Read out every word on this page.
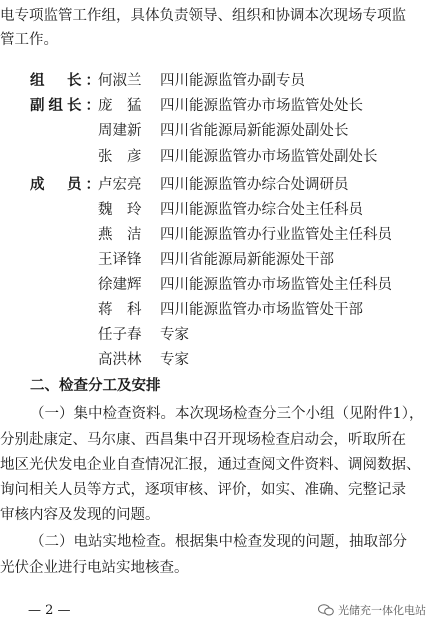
电专项监管工作组，具体负责领导、组织和协调本次现场专项监
管工作。
组　长：
何淑兰 四川能源监管办副专员
副组长：
庞　猛 四川能源监管办市场监管处处长
周建新 四川省能源局新能源处副处长
张　彦 四川能源监管办市场监管处副处长
成　员：
卢宏亮 四川能源监管办综合处调研员
魏　玲 四川能源监管办综合处主任科员
燕　洁 四川能源监管办行业监管处主任科员
王译锋 四川省能源局新能源处干部
徐建辉 四川能源监管办市场监管处主任科员
蒋　科 四川能源监管办市场监管处干部
任子春 专家
高洪林 专家
二、检查分工及安排
（一）集中检查资料。本次现场检查分三个小组（见附件1），
分别赴康定、马尔康、西昌集中召开现场检查启动会，听取所在
地区光伏发电企业自查情况汇报，通过查阅文件资料、调阅数据、
询问相关人员等方式，逐项审核、评价，如实、准确、完整记录
审核内容及发现的问题。
（二）电站实地检查。根据集中检查发现的问题，抽取部分
光伏企业进行电站实地核查。
— 2 —	光储充一体化电站
